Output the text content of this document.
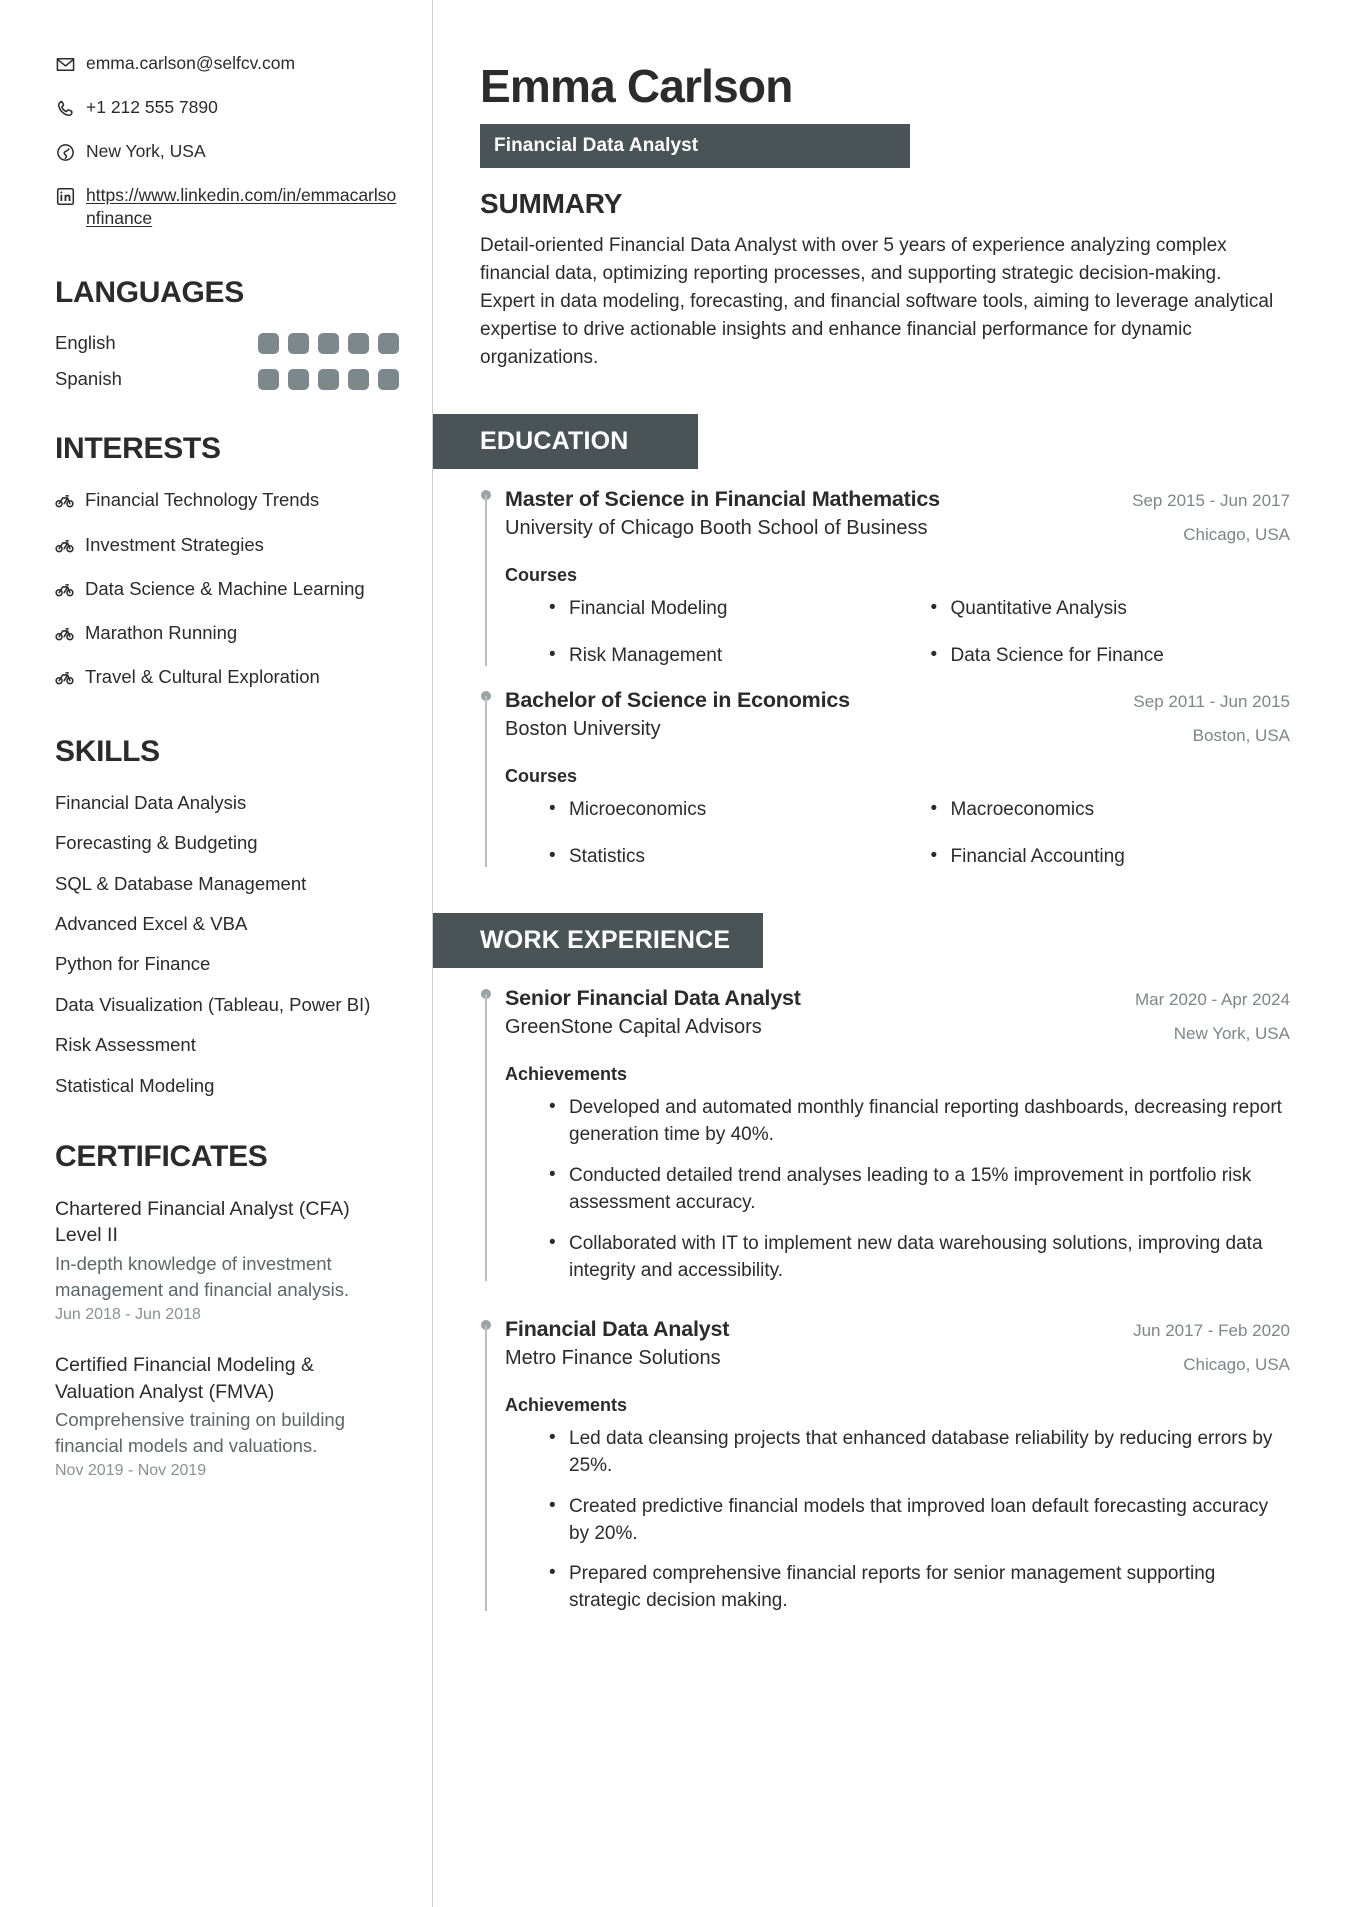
emma.carlson@selfcv.com
+1 212 555 7890
New York, USA
https://www.linkedin.com/in/emmacarlsonfinance
LANGUAGES
English
Spanish
INTERESTS
Financial Technology Trends
Investment Strategies
Data Science & Machine Learning
Marathon Running
Travel & Cultural Exploration
SKILLS
Financial Data Analysis
Forecasting & Budgeting
SQL & Database Management
Advanced Excel & VBA
Python for Finance
Data Visualization (Tableau, Power BI)
Risk Assessment
Statistical Modeling
CERTIFICATES
Chartered Financial Analyst (CFA) Level II
In-depth knowledge of investment management and financial analysis.
Jun 2018 - Jun 2018
Certified Financial Modeling & Valuation Analyst (FMVA)
Comprehensive training on building financial models and valuations.
Nov 2019 - Nov 2019
Emma Carlson
Financial Data Analyst
SUMMARY

Detail-oriented Financial Data Analyst with over 5 years of experience analyzing complex financial data, optimizing reporting processes, and supporting strategic decision-making. Expert in data modeling, forecasting, and financial software tools, aiming to leverage analytical expertise to drive actionable insights and enhance financial performance for dynamic organizations.

EDUCATION
Master of Science in Financial Mathematics
University of Chicago Booth School of Business
Sep 2015 - Jun 2017
Chicago, USA
Courses
• Financial Modeling	• Quantitative Analysis
• Risk Management	• Data Science for Finance
Bachelor of Science in Economics
Boston University
Sep 2011 - Jun 2015
Boston, USA
Courses
• Microeconomics	• Macroeconomics
• Statistics	• Financial Accounting
WORK EXPERIENCE
Senior Financial Data Analyst
GreenStone Capital Advisors
Mar 2020 - Apr 2024
New York, USA
Achievements
• Developed and automated monthly financial reporting dashboards, decreasing report generation time by 40%.
• Conducted detailed trend analyses leading to a 15% improvement in portfolio risk assessment accuracy.
• Collaborated with IT to implement new data warehousing solutions, improving data integrity and accessibility.
Financial Data Analyst
Metro Finance Solutions
Jun 2017 - Feb 2020
Chicago, USA
Achievements
• Led data cleansing projects that enhanced database reliability by reducing errors by 25%.
• Created predictive financial models that improved loan default forecasting accuracy by 20%.
• Prepared comprehensive financial reports for senior management supporting strategic decision making.
